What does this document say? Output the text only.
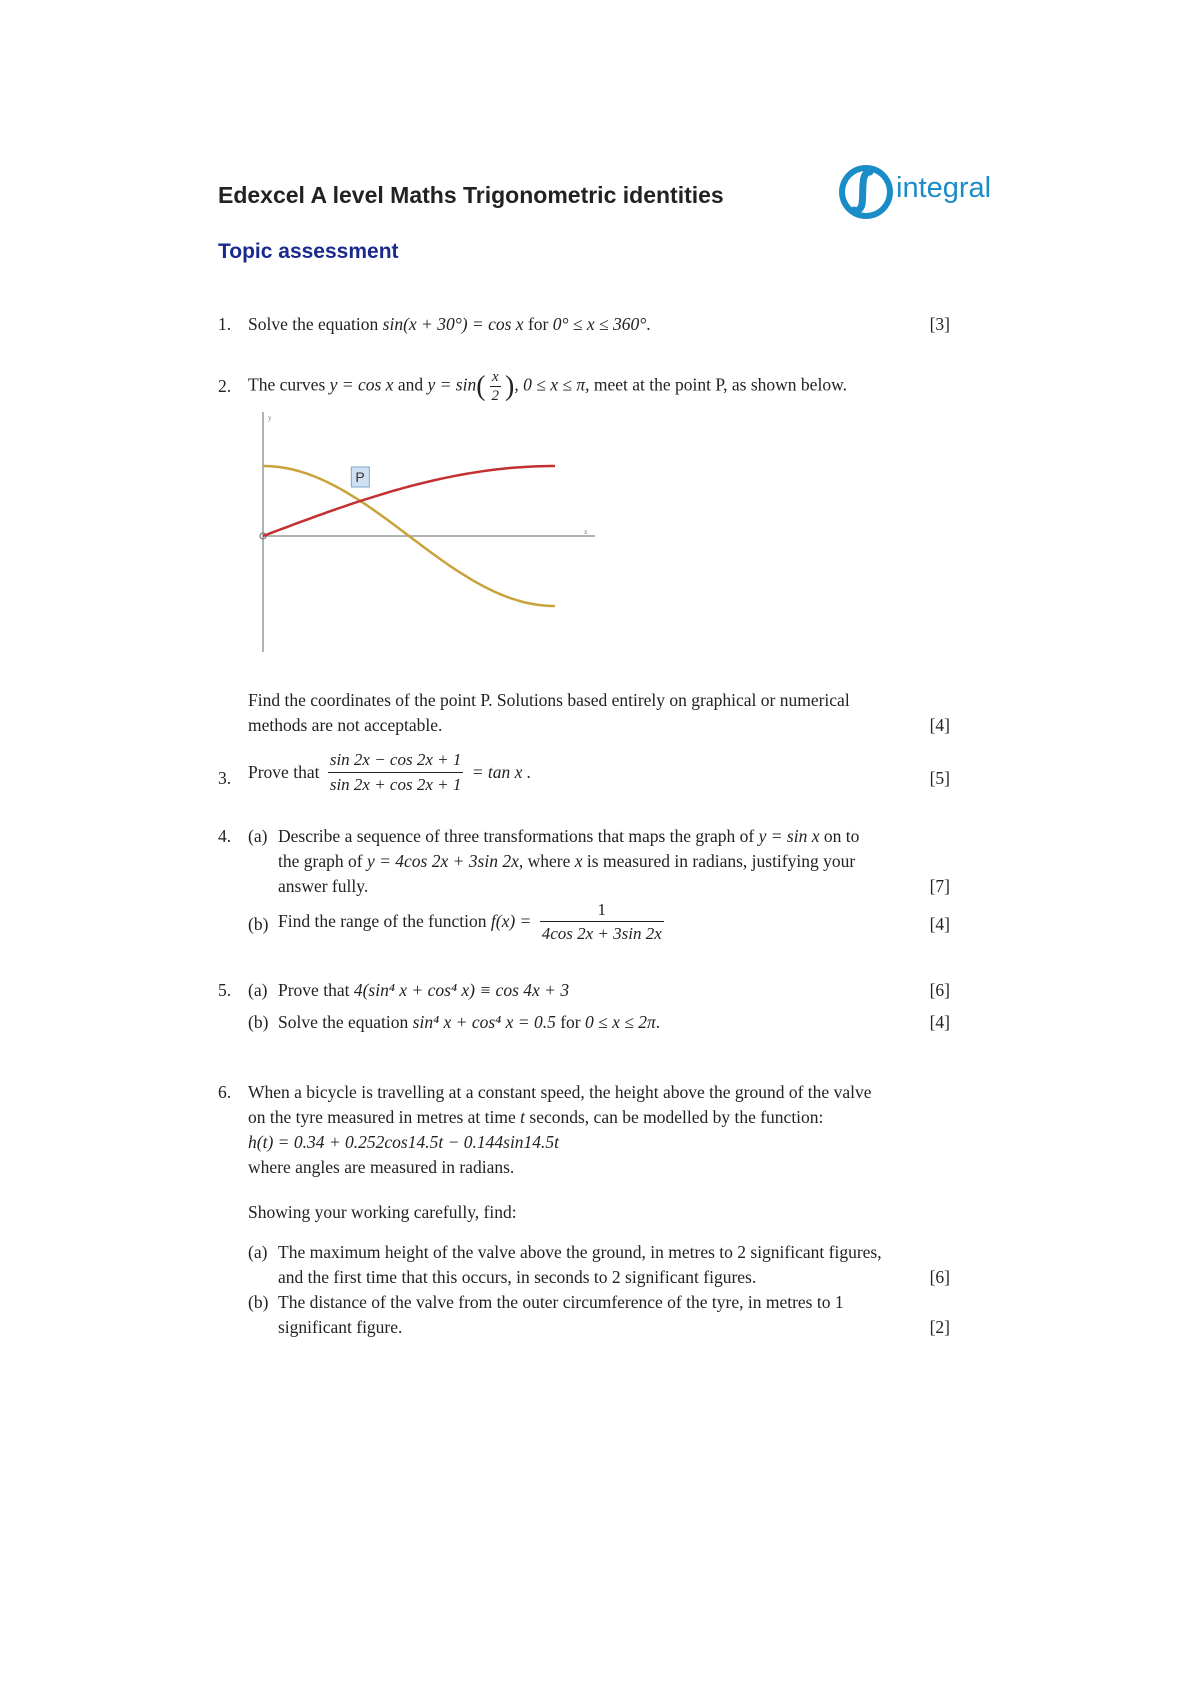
Edexcel A level Maths Trigonometric identities
Topic assessment
integral
1. Solve the equation sin(x + 30°) = cos x for 0° ≤ x ≤ 360°.	[3]
2. The curves y = cos x and $y = \sin( \frac{x}{2}$ ), 0 ≤ x ≤ π, meet at the point P, as shown below.
y
x
P
Find the coordinates of the point P. Solutions based entirely on graphical or numerical
methods are not acceptable.	[4]
3. Prove that $\frac{\sin 2x - \cos 2x + 1}{\sin 2x + \cos 2x + 1} = \tan x$ .	[5]
4. (a) Describe a sequence of three transformations that maps the graph of y = sin x on to
the graph of y = 4cos 2x + 3sin 2x, where x is measured in radians, justifying your
answer fully.	[7]
(b) Find the range of the function $f(x) = \frac{1}{4\cos 2x + 3\sin 2x}$	[4]
5. (a) Prove that 4(sin⁴ x + cos⁴ x) ≡ cos 4x + 3	[6]
(b) Solve the equation sin⁴ x + cos⁴ x = 0.5 for 0 ≤ x ≤ 2π.	[4]
6. When a bicycle is travelling at a constant speed, the height above the ground of the valve
on the tyre measured in metres at time t seconds, can be modelled by the function:
h(t) = 0.34 + 0.252cos14.5t − 0.144sin14.5t
where angles are measured in radians.
Showing your working carefully, find:
(a) The maximum height of the valve above the ground, in metres to 2 significant figures,
and the first time that this occurs, in seconds to 2 significant figures.	[6]
(b) The distance of the valve from the outer circumference of the tyre, in metres to 1
significant figure.	[2]
